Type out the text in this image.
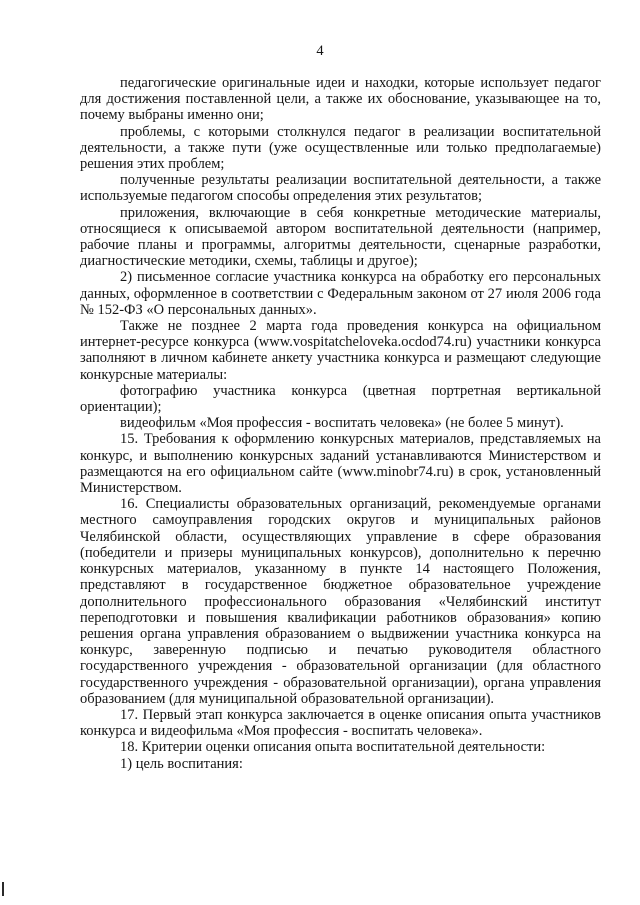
4

педагогические оригинальные идеи и находки, которые использует педагог для достижения поставленной цели, а также их обоснование, указывающее на то, почему выбраны именно они;

проблемы, с которыми столкнулся педагог в реализации воспитательной деятельности, а также пути (уже осуществленные или только предполагаемые) решения этих проблем;

полученные результаты реализации воспитательной деятельности, а также используемые педагогом способы определения этих результатов;

приложения, включающие в себя конкретные методические материалы, относящиеся к описываемой автором воспитательной деятельности (например, рабочие планы и программы, алгоритмы деятельности, сценарные разработки, диагностические методики, схемы, таблицы и другое);

2) письменное согласие участника конкурса на обработку его персональных данных, оформленное в соответствии с Федеральным законом от 27 июля 2006 года № 152-ФЗ «О персональных данных».

Также не позднее 2 марта года проведения конкурса на официальном интернет-ресурсе конкурса (www.vospitatcheloveka.ocdod74.ru) участники конкурса заполняют в личном кабинете анкету участника конкурса и размещают следующие конкурсные материалы:

фотографию участника конкурса (цветная портретная вертикальной ориентации);

видеофильм «Моя профессия - воспитать человека» (не более 5 минут).

15. Требования к оформлению конкурсных материалов, представляемых на конкурс, и выполнению конкурсных заданий устанавливаются Министерством и размещаются на его официальном сайте (www.minobr74.ru) в срок, установленный Министерством.

16. Специалисты образовательных организаций, рекомендуемые органами местного самоуправления городских округов и муниципальных районов Челябинской области, осуществляющих управление в сфере образования (победители и призеры муниципальных конкурсов), дополнительно к перечню конкурсных материалов, указанному в пункте 14 настоящего Положения, представляют в государственное бюджетное образовательное учреждение дополнительного профессионального образования «Челябинский институт переподготовки и повышения квалификации работников образования» копию решения органа управления образованием о выдвижении участника конкурса на конкурс, заверенную подписью и печатью руководителя областного государственного учреждения - образовательной организации (для областного государственного учреждения - образовательной организации), органа управления образованием (для муниципальной образовательной организации).

17. Первый этап конкурса заключается в оценке описания опыта участников конкурса и видеофильма «Моя профессия - воспитать человека».

18. Критерии оценки описания опыта воспитательной деятельности:

1) цель воспитания:
